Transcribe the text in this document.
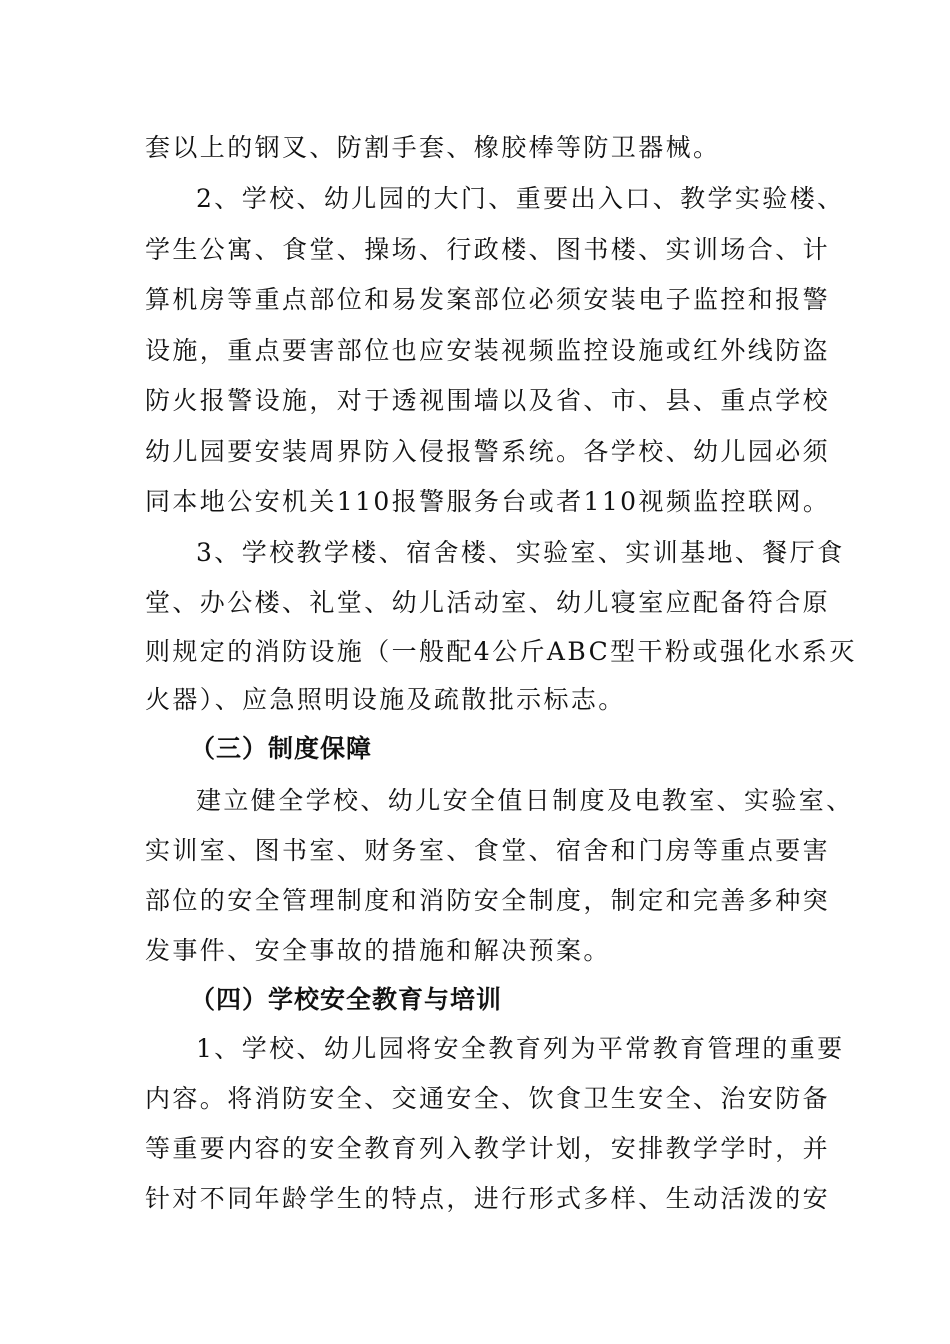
套以上的钢叉、防割手套、橡胶棒等防卫器械。
2、学校、幼儿园的大门、重要出入口、教学实验楼、
学生公寓、食堂、操场、行政楼、图书楼、实训场合、计
算机房等重点部位和易发案部位必须安装电子监控和报警
设施，重点要害部位也应安装视频监控设施或红外线防盗
防火报警设施，对于透视围墙以及省、市、县、重点学校
幼儿园要安装周界防入侵报警系统。各学校、幼儿园必须
同本地公安机关110报警服务台或者110视频监控联网。
3、学校教学楼、宿舍楼、实验室、实训基地、餐厅食
堂、办公楼、礼堂、幼儿活动室、幼儿寝室应配备符合原
则规定的消防设施（一般配4公斤ABC型干粉或强化水系灭
火器）、应急照明设施及疏散批示标志。
（三）制度保障
建立健全学校、幼儿安全值日制度及电教室、实验室、
实训室、图书室、财务室、食堂、宿舍和门房等重点要害
部位的安全管理制度和消防安全制度，制定和完善多种突
发事件、安全事故的措施和解决预案。
（四）学校安全教育与培训
1、学校、幼儿园将安全教育列为平常教育管理的重要
内容。将消防安全、交通安全、饮食卫生安全、治安防备
等重要内容的安全教育列入教学计划，安排教学学时，并
针对不同年龄学生的特点，进行形式多样、生动活泼的安
